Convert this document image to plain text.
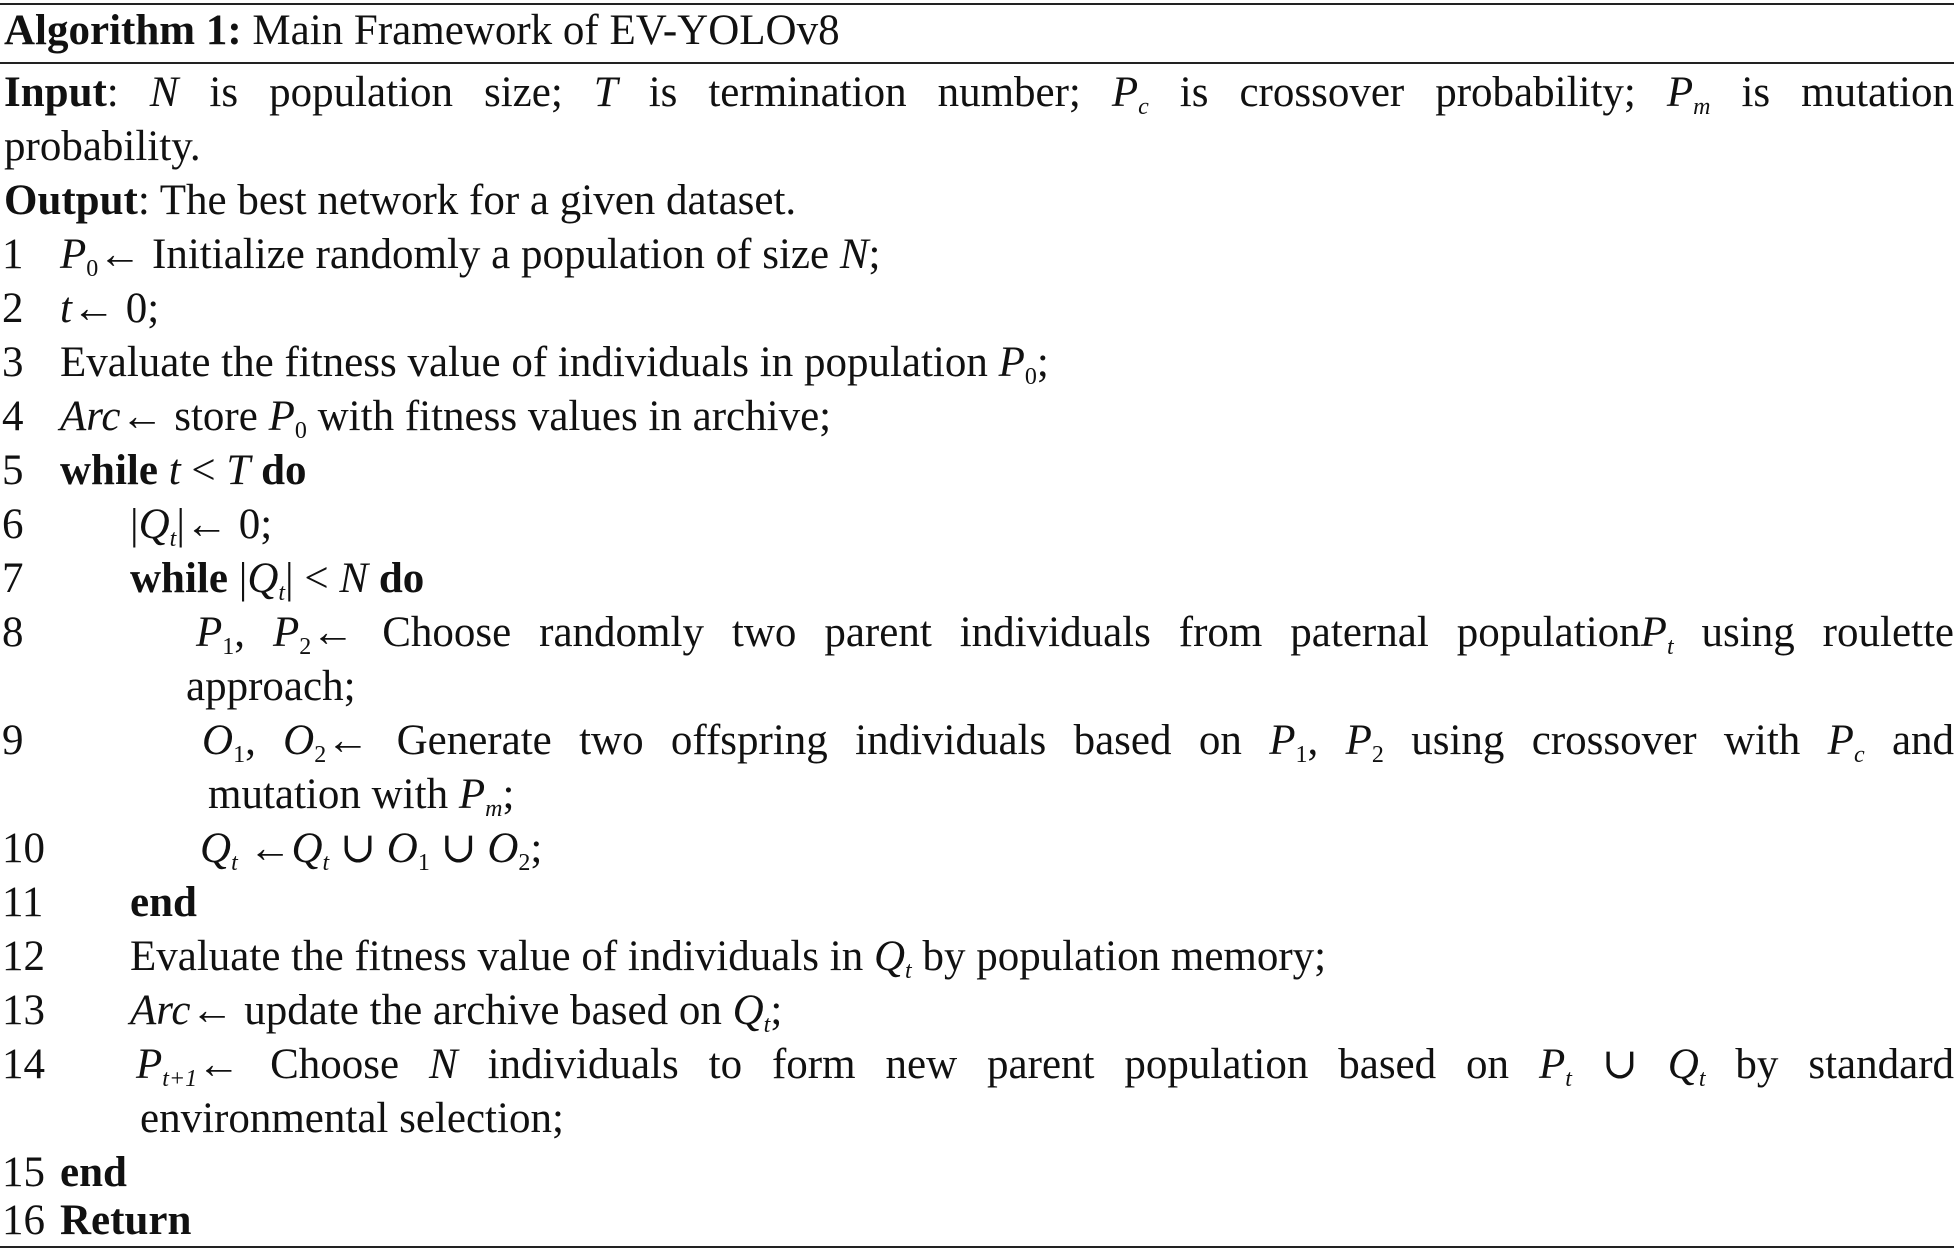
Algorithm 1: Main Framework of EV-YOLOv8
Input: N is population size; T is termination number; $P_c$ is crossover probability; $P_m$ is mutation
probability.
Output: The best network for a given dataset.
1 $P_0\leftarrow$ Initialize randomly a population of size N;
2 t← 0;
3 Evaluate the fitness value of individuals in population $P_0$;
4 Arc← store $P_0$ with fitness values in archive;
5 while t < T do
6 $|Q_t|\leftarrow$ 0;
7 while $|Q_t| < N$ do
8	$P_1$, $P_2\leftarrow$ Choose randomly two parent individuals from paternal populationP$_t$ using roulette
approach;
9	$O_1$, $O_2\leftarrow$ Generate two offspring individuals based on $P_1$, $P_2$ using crossover with $P_c$ and
mutation with $P_m$;
10	$Q_t$ $\leftarrow Q_t$ ∪ $O_1$ ∪ $O_2$;
11 end
12 Evaluate the fitness value of individuals in $Q_t$ by population memory;
13 Arc← update the archive based on $Q_t$;
14 $P_{t+1}\leftarrow$ Choose N individuals to form new parent population based on $P_t$ ∪ $Q_t$ by standard
environmental selection;
15 end
16 Return
